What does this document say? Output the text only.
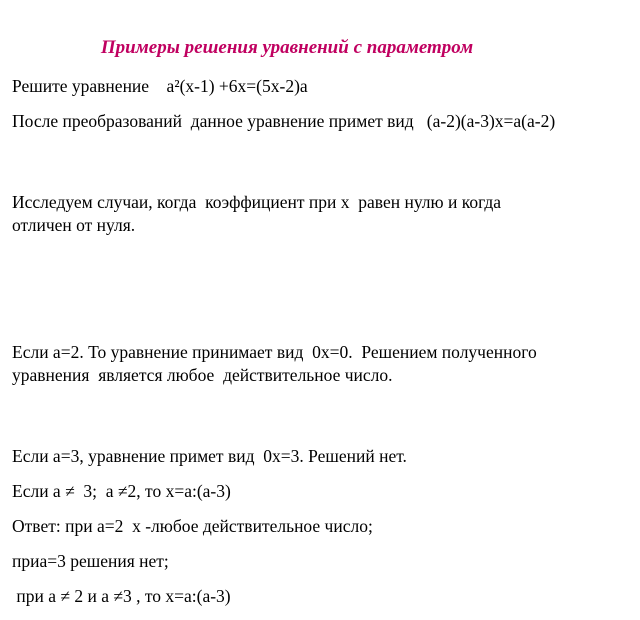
Примеры решения уравнений с параметром

Решите уравнение    a²(x-1) +6x=(5x-2)a

После преобразований  данное уравнение примет вид   (a-2)(a-3)x=a(a-2)

Исследуем случаи, когда  коэффициент при x  равен нулю и когда
отличен от нуля.

Если a=2. То уравнение принимает вид  0x=0.  Решением полученного
уравнения  является любое  действительное число.

Если a=3, уравнение примет вид  0x=3. Решений нет.

Если a ≠  3;  a ≠2, то x=a:(a-3)

Ответ: при a=2  x -любое действительное число;

приa=3 решения нет;

при a ≠ 2 и a ≠3 , то x=a:(a-3)
